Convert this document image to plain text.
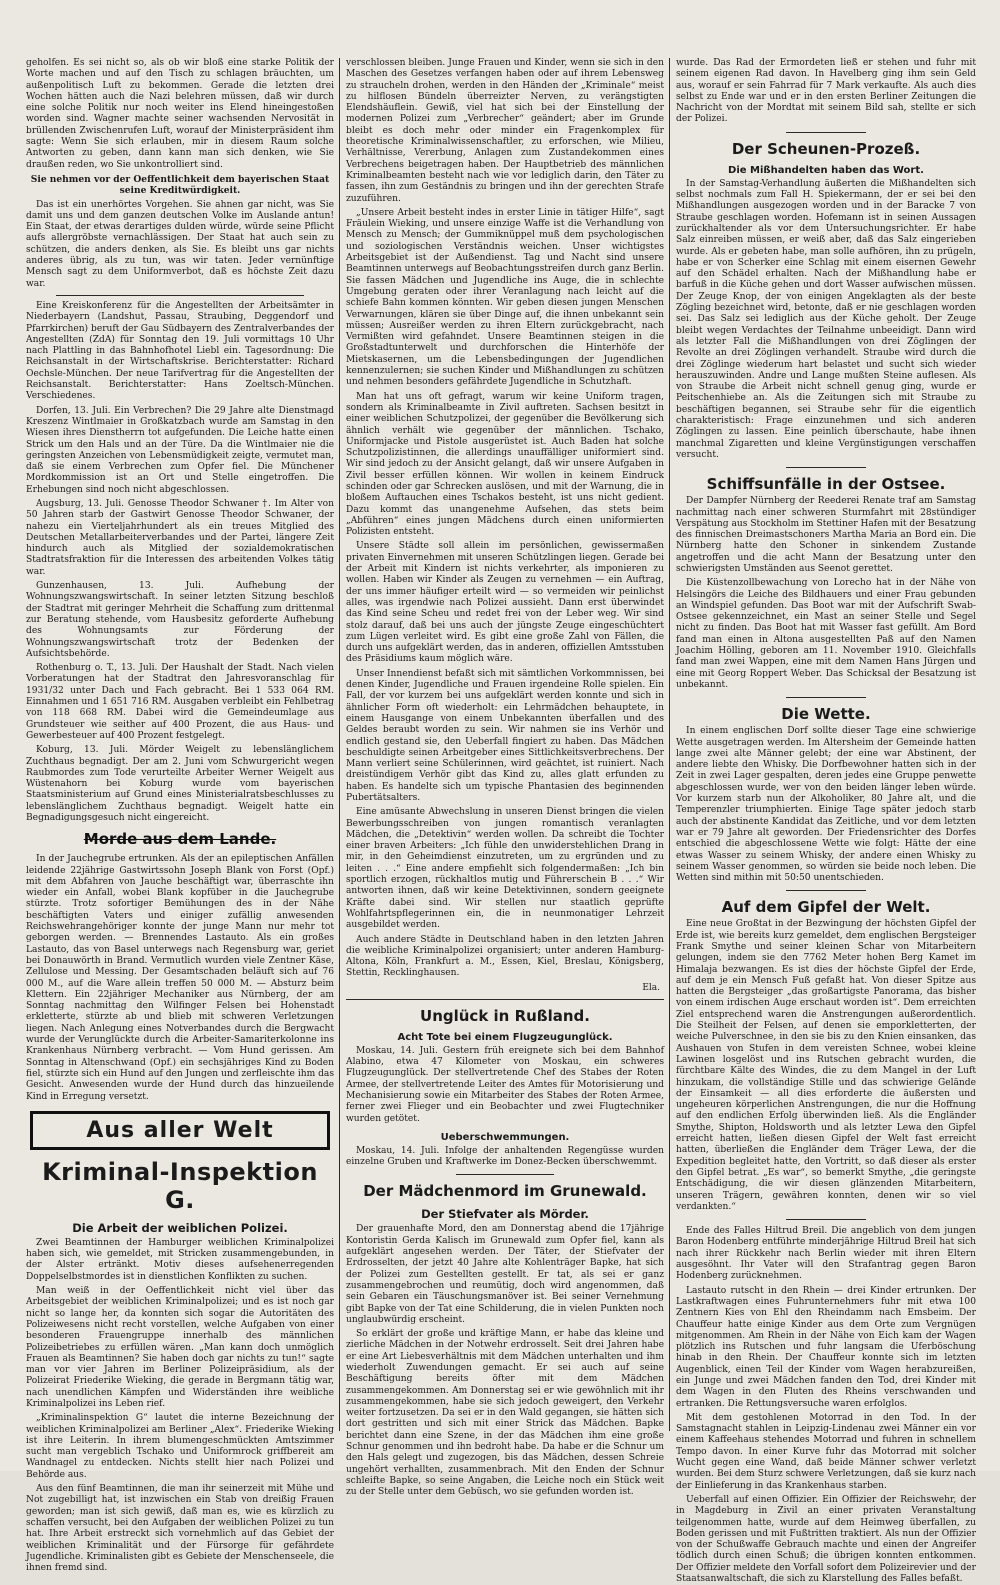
geholfen. Es sei nicht so, als ob wir bloß eine starke Politik der Worte machen und auf den Tisch zu schlagen bräuchten, um außenpolitisch Luft zu bekommen. Gerade die letzten drei Wochen hätten auch die Nazi belehren müssen, daß wir durch eine solche Politik nur noch weiter ins Elend hineingestoßen worden sind. Wagner machte seiner wachsenden Nervosität in brüllenden Zwischenrufen Luft, worauf der Ministerpräsident ihm sagte: Wenn Sie sich erlauben, mir in diesem Raum solche Antworten zu geben, dann kann man sich denken, wie Sie draußen reden, wo Sie unkontrolliert sind.

Sie nehmen vor der Oeffentlichkeit dem bayerischen Staat seine Kreditwürdigkeit.

Das ist ein unerhörtes Vorgehen. Sie ahnen gar nicht, was Sie damit uns und dem ganzen deutschen Volke im Auslande antun! Ein Staat, der etwas derartiges dulden würde, würde seine Pflicht aufs allergröbste vernachlässigen. Der Staat hat auch sein zu schützen, die anders denken, als Sie. Es bleibt uns gar nichts anderes übrig, als zu tun, was wir taten. Jeder vernünftige Mensch sagt zu dem Uniformverbot, daß es höchste Zeit dazu war.

Eine Kreiskonferenz für die Angestellten der Arbeitsämter in Niederbayern (Landshut, Passau, Straubing, Deggendorf und Pfarrkirchen) beruft der Gau Südbayern des Zentralverbandes der Angestellten (ZdA) für Sonntag den 19. Juli vormittags 10 Uhr nach Plattling in das Bahnhofhotel Liebl ein. Tagesordnung: Die Reichsanstalt in der Wirtschaftskrise. Berichterstatter: Richard Oechsle-München. Der neue Tarifvertrag für die Angestellten der Reichsanstalt. Berichterstatter: Hans Zoeltsch-München. Verschiedenes.

Dorfen, 13. Juli. Ein Verbrechen? Die 29 Jahre alte Dienstmagd Kreszenz Wintlmaier in Großkatzbach wurde am Samstag in den Wiesen ihres Dienstherrn tot aufgefunden. Die Leiche hatte einen Strick um den Hals und an der Türe. Da die Wintlmaier nie die geringsten Anzeichen von Lebensmüdigkeit zeigte, vermutet man, daß sie einem Verbrechen zum Opfer fiel. Die Münchener Mordkommission ist an Ort und Stelle eingetroffen. Die Erhebungen sind noch nicht abgeschlossen.

Augsburg, 13. Juli. Genosse Theodor Schwaner †. Im Alter von 50 Jahren starb der Gastwirt Genosse Theodor Schwaner, der nahezu ein Vierteljahrhundert als ein treues Mitglied des Deutschen Metallarbeiterverbandes und der Partei, längere Zeit hindurch auch als Mitglied der sozialdemokratischen Stadtratsfraktion für die Interessen des arbeitenden Volkes tätig war.

Gunzenhausen, 13. Juli. Aufhebung der Wohnungszwangswirtschaft. In seiner letzten Sitzung beschloß der Stadtrat mit geringer Mehrheit die Schaffung zum drittenmal zur Beratung stehende, vom Hausbesitz geforderte Aufhebung des Wohnungsamts zur Förderung der Wohnungszwangswirtschaft trotz der Bedenken der Aufsichtsbehörde.

Rothenburg o. T., 13. Juli. Der Haushalt der Stadt. Nach vielen Vorberatungen hat der Stadtrat den Jahresvoranschlag für 1931/32 unter Dach und Fach gebracht. Bei 1 533 064 RM. Einnahmen und 1 651 716 RM. Ausgaben verbleibt ein Fehlbetrag von 118 668 RM. Dabei wird die Gemeindeumlage aus Grundsteuer wie seither auf 400 Prozent, die aus Haus- und Gewerbesteuer auf 400 Prozent festgelegt.

Koburg, 13. Juli. Mörder Weigelt zu lebenslänglichem Zuchthaus begnadigt. Der am 2. Juni vom Schwurgericht wegen Raubmordes zum Tode verurteilte Arbeiter Werner Weigelt aus Wüstenahorn bei Koburg wurde vom bayerischen Staatsministerium auf Grund eines Ministerialratsbeschlusses zu lebenslänglichem Zuchthaus begnadigt. Weigelt hatte ein Begnadigungsgesuch nicht eingereicht.

Morde aus dem Lande.

In der Jauchegrube ertrunken. Als der an epileptischen Anfällen leidende 22jährige Gastwirtssohn Joseph Blank von Forst (Opf.) mit dem Abfahren von Jauche beschäftigt war, überraschte ihn wieder ein Anfall, wobei Blank kopfüber in die Jauchegrube stürzte. Trotz sofortiger Bemühungen des in der Nähe beschäftigten Vaters und einiger zufällig anwesenden Reichswehrangehöriger konnte der junge Mann nur mehr tot geborgen werden. — Brennendes Lastauto. Als ein großes Lastauto, das von Basel unterwegs nach Regensburg war, geriet bei Donauwörth in Brand. Vermutlich wurden viele Zentner Käse, Zellulose und Messing. Der Gesamtschaden beläuft sich auf 76 000 M., auf die Ware allein treffen 50 000 M. — Absturz beim Klettern. Ein 22jähriger Mechaniker aus Nürnberg, der am Sonntag nachmittag den Wilfinger Felsen bei Hohenstadt erkletterte, stürzte ab und blieb mit schweren Verletzungen liegen. Nach Anlegung eines Notverbandes durch die Bergwacht wurde der Verunglückte durch die Arbeiter-Samariterkolonne ins Krankenhaus Nürnberg verbracht. — Vom Hund gerissen. Am Sonntag in Altenschwand (Opf.) ein sechsjähriges Kind zu Boden fiel, stürzte sich ein Hund auf den Jungen und zerfleischte ihm das Gesicht. Anwesenden wurde der Hund durch das hinzueilende Kind in Erregung versetzt.

Aus aller Welt
Kriminal-Inspektion G.
Die Arbeit der weiblichen Polizei.

Zwei Beamtinnen der Hamburger weiblichen Kriminalpolizei haben sich, wie gemeldet, mit Stricken zusammengebunden, in der Alster ertränkt. Motiv dieses aufsehenerregenden Doppelselbstmordes ist in dienstlichen Konflikten zu suchen.

Man weiß in der Oeffentlichkeit nicht viel über das Arbeitsgebiet der weiblichen Kriminalpolizei; und es ist noch gar nicht so lange her, da konnten sich sogar die Autoritäten des Polizeiwesens nicht recht vorstellen, welche Aufgaben von einer besonderen Frauengruppe innerhalb des männlichen Polizeibetriebes zu erfüllen wären. „Man kann doch unmöglich Frauen als Beamtinnen? Sie haben doch gar nichts zu tun!“ sagte man vor vier Jahren im Berliner Polizeipräsidium, als der Polizeirat Friederike Wieking, die gerade in Bergmann tätig war, nach unendlichen Kämpfen und Widerständen ihre weibliche Kriminalpolizei ins Leben rief.

„Kriminalinspektion G“ lautet die interne Bezeichnung der weiblichen Kriminalpolizei am Berliner „Alex“. Friederike Wieking ist ihre Leiterin. In ihrem blumengeschmückten Amtszimmer sucht man vergeblich Tschako und Uniformrock griffbereit am Wandnagel zu entdecken. Nichts stellt hier nach Polizei und Behörde aus.

Aus den fünf Beamtinnen, die man ihr seinerzeit mit Mühe und Not zugebilligt hat, ist inzwischen ein Stab von dreißig Frauen geworden; man ist sich gewiß, daß man es, wie es kürzlich zu schaffen versucht, bei den Aufgaben der weiblichen Polizei zu tun hat. Ihre Arbeit erstreckt sich vornehmlich auf das Gebiet der weiblichen Kriminalität und der Fürsorge für gefährdete Jugendliche. Kriminalisten gibt es Gebiete der Menschenseele, die ihnen fremd sind.

verschlossen bleiben. Junge Frauen und Kinder, wenn sie sich in den Maschen des Gesetzes verfangen haben oder auf ihrem Lebensweg zu straucheln drohen, werden in den Händen der „Kriminale“ meist zu hilflosen Bündeln überreizter Nerven, zu verängstigten Elendshäuflein. Gewiß, viel hat sich bei der Einstellung der modernen Polizei zum „Verbrecher“ geändert; aber im Grunde bleibt es doch mehr oder minder ein Fragenkomplex für theoretische Kriminalwissenschaftler, zu erforschen, wie Milieu, Verhältnisse, Vererbung, Anlagen zum Zustandekommen eines Verbrechens beigetragen haben. Der Hauptbetrieb des männlichen Kriminalbeamten besteht nach wie vor lediglich darin, den Täter zu fassen, ihn zum Geständnis zu bringen und ihn der gerechten Strafe zuzuführen.

„Unsere Arbeit besteht indes in erster Linie in tätiger Hilfe“, sagt Fräulein Wieking, und unsere einzige Waffe ist die Verhandlung von Mensch zu Mensch; der Gummiknüppel muß dem psychologischen und soziologischen Verständnis weichen. Unser wichtigstes Arbeitsgebiet ist der Außendienst. Tag und Nacht sind unsere Beamtinnen unterwegs auf Beobachtungsstreifen durch ganz Berlin. Sie fassen Mädchen und Jugendliche ins Auge, die in schlechte Umgebung geraten oder ihrer Veranlagung nach leicht auf die schiefe Bahn kommen könnten. Wir geben diesen jungen Menschen Verwarnungen, klären sie über Dinge auf, die ihnen unbekannt sein müssen; Ausreißer werden zu ihren Eltern zurückgebracht, nach Vermißten wird gefahndet. Unsere Beamtinnen steigen in die Großstadtunterwelt und durchforschen die Hinterhöfe der Mietskasernen, um die Lebensbedingungen der Jugendlichen kennenzulernen; sie suchen Kinder und Mißhandlungen zu schützen und nehmen besonders gefährdete Jugendliche in Schutzhaft.

Man hat uns oft gefragt, warum wir keine Uniform tragen, sondern als Kriminalbeamte in Zivil auftreten. Sachsen besitzt in einer weiblichen Schutzpolizei, der gegenüber die Bevölkerung sich ähnlich verhält wie gegenüber der männlichen. Tschako, Uniformjacke und Pistole ausgerüstet ist. Auch Baden hat solche Schutzpolizistinnen, die allerdings unauffälliger uniformiert sind. Wir sind jedoch zu der Ansicht gelangt, daß wir unsere Aufgaben in Zivil besser erfüllen können. Wir wollen in keinem Eindruck schinden oder gar Schrecken auslösen, und mit der Warnung, die in bloßem Auftauchen eines Tschakos besteht, ist uns nicht gedient. Dazu kommt das unangenehme Aufsehen, das stets beim „Abführen“ eines jungen Mädchens durch einen uniformierten Polizisten entsteht.

Unsere Städte soll allein im persönlichen, gewissermaßen privaten Einvernehmen mit unseren Schützlingen liegen. Gerade bei der Arbeit mit Kindern ist nichts verkehrter, als imponieren zu wollen. Haben wir Kinder als Zeugen zu vernehmen — ein Auftrag, der uns immer häufiger erteilt wird — so vermeiden wir peinlichst alles, was irgendwie nach Polizei aussieht. Dann erst überwindet das Kind seine Scheu und redet frei von der Leber weg. Wir sind stolz darauf, daß bei uns auch der jüngste Zeuge eingeschüchtert zum Lügen verleitet wird. Es gibt eine große Zahl von Fällen, die durch uns aufgeklärt werden, das in anderen, offiziellen Amtsstuben des Präsidiums kaum möglich wäre.

Unser Innendienst befaßt sich mit sämtlichen Vorkommnissen, bei denen Kinder, Jugendliche und Frauen irgendeine Rolle spielen. Ein Fall, der vor kurzem bei uns aufgeklärt werden konnte und sich in ähnlicher Form oft wiederholt: ein Lehrmädchen behauptete, in einem Hausgange von einem Unbekannten überfallen und des Geldes beraubt worden zu sein. Wir nahmen sie ins Verhör und endlich gestand sie, den Ueberfall fingiert zu haben. Das Mädchen beschuldigte seinen Arbeitgeber eines Sittlichkeitsverbrechens. Der Mann verliert seine Schülerinnen, wird geächtet, ist ruiniert. Nach dreistündigem Verhör gibt das Kind zu, alles glatt erfunden zu haben. Es handelte sich um typische Phantasien des beginnenden Pubertätsalters.

Eine amüsante Abwechslung in unseren Dienst bringen die vielen Bewerbungsschreiben von jungen romantisch veranlagten Mädchen, die „Detektivin“ werden wollen. Da schreibt die Tochter einer braven Arbeiters: „Ich fühle den unwiderstehlichen Drang in mir, in den Geheimdienst einzutreten, um zu ergründen und zu leiten . . .“ Eine andere empfiehlt sich folgendermaßen: „Ich bin sportlich erzogen, rückhaltlos mutig und Führerschein B . . .“ Wir antworten ihnen, daß wir keine Detektivinnen, sondern geeignete Kräfte dabei sind. Wir stellen nur staatlich geprüfte Wohlfahrtspflegerinnen ein, die in neunmonatiger Lehrzeit ausgebildet werden.

Auch andere Städte in Deutschland haben in den letzten Jahren die weibliche Kriminalpolizei organisiert; unter anderen Hamburg-Altona, Köln, Frankfurt a. M., Essen, Kiel, Breslau, Königsberg, Stettin, Recklinghausen.

Ela.
Unglück in Rußland.
Acht Tote bei einem Flugzeugunglück.

Moskau, 14. Juli. Gestern früh ereignete sich bei dem Bahnhof Alabino, etwa 47 Kilometer von Moskau, ein schweres Flugzeugunglück. Der stellvertretende Chef des Stabes der Roten Armee, der stellvertretende Leiter des Amtes für Motorisierung und Mechanisierung sowie ein Mitarbeiter des Stabes der Roten Armee, ferner zwei Flieger und ein Beobachter und zwei Flugtechniker wurden getötet.

Ueberschwemmungen.

Moskau, 14. Juli. Infolge der anhaltenden Regengüsse wurden einzelne Gruben und Kraftwerke im Donez-Becken überschwemmt.

Der Mädchenmord im Grunewald.
Der Stiefvater als Mörder.

Der grauenhafte Mord, den am Donnerstag abend die 17jährige Kontoristin Gerda Kalisch im Grunewald zum Opfer fiel, kann als aufgeklärt angesehen werden. Der Täter, der Stiefvater der Erdrosselten, der jetzt 40 Jahre alte Kohlenträger Bapke, hat sich der Polizei zum Gestellten gestellt. Er tat, als sei er ganz zusammengebrochen und reumütig, doch wird angenommen, daß sein Gebaren ein Täuschungsmanöver ist. Bei seiner Vernehmung gibt Bapke von der Tat eine Schilderung, die in vielen Punkten noch unglaubwürdig erscheint.

So erklärt der große und kräftige Mann, er habe das kleine und zierliche Mädchen in der Notwehr erdrosselt. Seit drei Jahren habe er eine Art Liebesverhältnis mit dem Mädchen unterhalten und ihm wiederholt Zuwendungen gemacht. Er sei auch auf seine Beschäftigung bereits öfter mit dem Mädchen zusammengekommen. Am Donnerstag sei er wie gewöhnlich mit ihr zusammengekommen, habe sie sich jedoch geweigert, den Verkehr weiter fortzusetzen. Da sei er in den Wald gegangen, sie hätten sich dort gestritten und sich mit einer Strick das Mädchen. Bapke berichtet dann eine Szene, in der das Mädchen ihm eine große Schnur genommen und ihn bedroht habe. Da habe er die Schnur um den Hals gelegt und zugezogen, bis das Mädchen, dessen Schreie ungehört verhallten, zusammenbrach. Mit den Enden der Schnur schleifte Bapke, so seine Angaben, die Leiche noch ein Stück weit zu der Stelle unter dem Gebüsch, wo sie gefunden worden ist.

wurde. Das Rad der Ermordeten ließ er stehen und fuhr mit seinem eigenen Rad davon. In Havelberg ging ihm sein Geld aus, worauf er sein Fahrrad für 7 Mark verkaufte. Als auch dies selbst zu Ende war und er in den ersten Berliner Zeitungen die Nachricht von der Mordtat mit seinem Bild sah, stellte er sich der Polizei.

Der Scheunen-Prozeß.
Die Mißhandelten haben das Wort.

In der Samstag-Verhandlung äußerten die Mißhandelten sich selbst nochmals zum Fall H. Spiekermann, der er sei bei den Mißhandlungen ausgezogen worden und in der Baracke 7 von Straube geschlagen worden. Hofemann ist in seinen Aussagen zurückhaltender als vor dem Untersuchungsrichter. Er habe Salz einreiben müssen, er weiß aber, daß das Salz eingerieben wurde. Als er gebeten habe, man solle aufhören, ihn zu prügeln, habe er von Scherker eine Schlag mit einem eisernen Gewehr auf den Schädel erhalten. Nach der Mißhandlung habe er barfuß in die Küche gehen und dort Wasser aufwischen müssen. Der Zeuge Knop, der von einigen Angeklagten als der beste Zögling bezeichnet wird, betonte, daß er nie geschlagen worden sei. Das Salz sei lediglich aus der Küche geholt. Der Zeuge bleibt wegen Verdachtes der Teilnahme unbeeidigt. Dann wird als letzter Fall die Mißhandlungen von drei Zöglingen der Revolte an drei Zöglingen verhandelt. Straube wird durch die drei Zöglinge wiederum hart belastet und sucht sich wieder herauszuwinden. Andre und Lange mußten Steine auflesen. Als von Straube die Arbeit nicht schnell genug ging, wurde er Peitschenhiebe an. Als die Zeitungen sich mit Straube zu beschäftigen begannen, sei Straube sehr für die eigentlich charakteristisch: Frage einzunehmen und sich anderen Zöglingen zu lassen. Eine peinlich überschaute, habe ihnen manchmal Zigaretten und kleine Vergünstigungen verschaffen versucht.

Schiffsunfälle in der Ostsee.

Der Dampfer Nürnberg der Reederei Renate traf am Samstag nachmittag nach einer schweren Sturmfahrt mit 28stündiger Verspätung aus Stockholm im Stettiner Hafen mit der Besatzung des finnischen Dreimastschoners Martha Maria an Bord ein. Die Nürnberg hatte den Schoner in sinkendem Zustande angetroffen und die acht Mann der Besatzung unter den schwierigsten Umständen aus Seenot gerettet.

Die Küstenzollbewachung von Lorecho hat in der Nähe von Helsingörs die Leiche des Bildhauers und einer Frau gebunden an Windspiel gefunden. Das Boot war mit der Aufschrift Swab-Ostsee gekennzeichnet, ein Mast an seiner Stelle und Segel nicht zu finden. Das Boot hat mit Wasser fast gefüllt. Am Bord fand man einen in Altona ausgestellten Paß auf den Namen Joachim Hölling, geboren am 11. November 1910. Gleichfalls fand man zwei Wappen, eine mit dem Namen Hans Jürgen und eine mit Georg Roppert Weber. Das Schicksal der Besatzung ist unbekannt.

Die Wette.

In einem englischen Dorf sollte dieser Tage eine schwierige Wette ausgetragen werden. Im Altersheim der Gemeinde hatten lange zwei alte Männer gelebt; der eine war Abstinent, der andere liebte den Whisky. Die Dorfbewohner hatten sich in der Zeit in zwei Lager gespalten, deren jedes eine Gruppe penwette abgeschlossen wurde, wer von den beiden länger leben würde. Vor kurzem starb nun der Alkoholiker, 80 Jahre alt, und die Temperenzler triumphierten. Einige Tage später jedoch starb auch der abstinente Kandidat das Zeitliche, und vor dem letzten war er 79 Jahre alt geworden. Der Friedensrichter des Dorfes entschied die abgeschlossene Wette wie folgt: Hätte der eine etwas Wasser zu seinem Whisky, der andere einen Whisky zu seinem Wasser genommen, so würden sie beide noch leben. Die Wetten sind mithin mit 50:50 unentschieden.

Auf dem Gipfel der Welt.

Eine neue Großtat in der Bezwingung der höchsten Gipfel der Erde ist, wie bereits kurz gemeldet, dem englischen Bergsteiger Frank Smythe und seiner kleinen Schar von Mitarbeitern gelungen, indem sie den 7762 Meter hohen Berg Kamet im Himalaja bezwangen. Es ist dies der höchste Gipfel der Erde, auf dem je ein Mensch Fuß gefaßt hat. Von dieser Spitze aus hatten die Bergsteiger „das großartigste Panorama, das bisher von einem irdischen Auge erschaut worden ist“. Dem erreichten Ziel entsprechend waren die Anstrengungen außerordentlich. Die Steilheit der Felsen, auf denen sie emporkletterten, der weiche Pulverschnee, in den sie bis zu den Knien einsanken, das Aushauen von Stufen in dem vereisten Schnee, wobei kleine Lawinen losgelöst und ins Rutschen gebracht wurden, die fürchtbare Kälte des Windes, die zu dem Mangel in der Luft hinzukam, die vollständige Stille und das schwierige Gelände der Einsamkeit — all dies erforderte die äußersten und ungeheuren körperlichen Anstrengungen, die nur die Hoffnung auf den endlichen Erfolg überwinden ließ. Als die Engländer Smythe, Shipton, Holdsworth und als letzter Lewa den Gipfel erreicht hatten, ließen diesen Gipfel der Welt fast erreicht hatten, überließen die Engländer dem Träger Lewa, der die Expedition begleitet hatte, den Vortritt, so daß dieser als erster den Gipfel betrat. „Es war“, so bemerkt Smythe, „die geringste Entschädigung, die wir diesen glänzenden Mitarbeitern, unseren Trägern, gewähren konnten, denen wir so viel verdankten.“

Ende des Falles Hiltrud Breil. Die angeblich von dem jungen Baron Hodenberg entführte minderjährige Hiltrud Breil hat sich nach ihrer Rückkehr nach Berlin wieder mit ihren Eltern ausgesöhnt. Ihr Vater will den Strafantrag gegen Baron Hodenberg zurücknehmen.

Lastauto rutscht in den Rhein — drei Kinder ertrunken. Der Lastkraftwagen eines Fuhrunternehmers fuhr mit etwa 100 Zentnern Kies von Ehl den Rheindamm nach Emsbeim. Der Chauffeur hatte einige Kinder aus dem Orte zum Vergnügen mitgenommen. Am Rhein in der Nähe von Eich kam der Wagen plötzlich ins Rutschen und fuhr langsam die Uferböschung hinab in den Rhein. Der Chauffeur konnte sich im letzten Augenblick, einen Teil der Kinder vom Wagen herabzureißen, ein Junge und zwei Mädchen fanden den Tod, drei Kinder mit dem Wagen in den Fluten des Rheins verschwanden und ertranken. Die Rettungsversuche waren erfolglos.

Mit dem gestohlenen Motorrad in den Tod. In der Samstagnacht stahlen in Leipzig-Lindenau zwei Männer ein vor einem Kaffeehaus stehendes Motorrad und fuhren in schnellem Tempo davon. In einer Kurve fuhr das Motorrad mit solcher Wucht gegen eine Wand, daß beide Männer schwer verletzt wurden. Bei dem Sturz schwere Verletzungen, daß sie kurz nach der Einlieferung in das Krankenhaus starben.

Ueberfall auf einen Offizier. Ein Offizier der Reichswehr, der in Magdeburg in Zivil an einer privaten Veranstaltung teilgenommen hatte, wurde auf dem Heimweg überfallen, zu Boden gerissen und mit Fußtritten traktiert. Als nun der Offizier von der Schußwaffe Gebrauch machte und einen der Angreifer tödlich durch einen Schuß; die übrigen konnten entkommen. Der Offizier meldete den Vorfall sofort dem Polizeirevier und der Staatsanwaltschaft, die sich zu Klarstellung des Falles befaßt.
